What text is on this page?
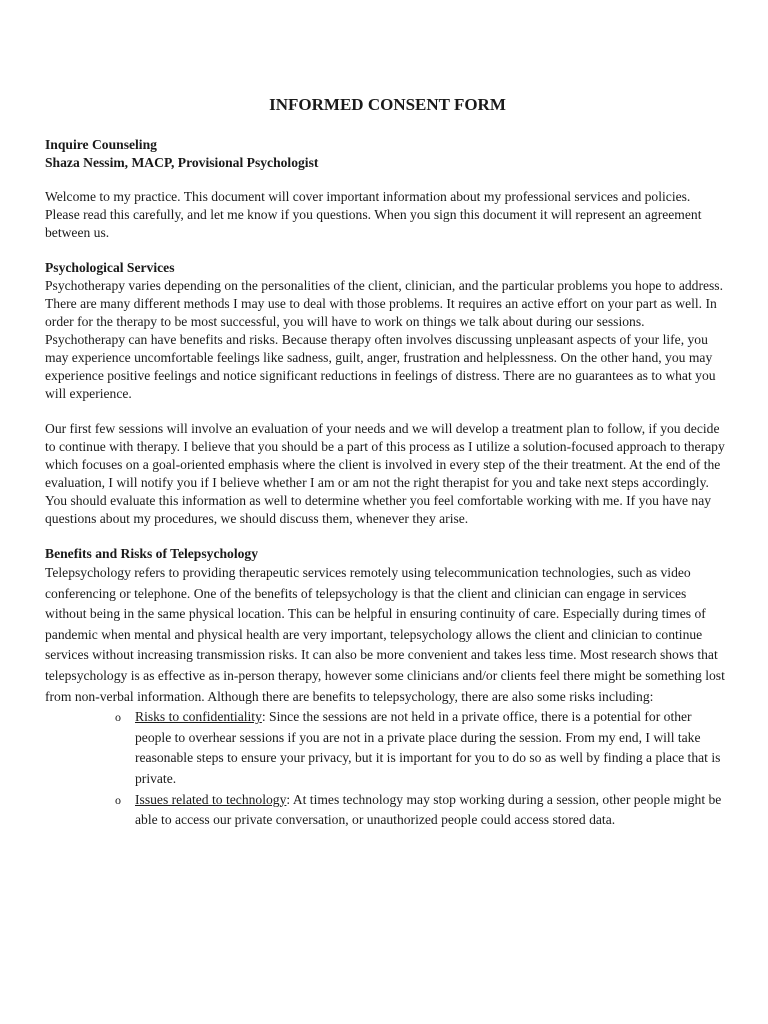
INFORMED CONSENT FORM
Inquire Counseling
Shaza Nessim, MACP, Provisional Psychologist

Welcome to my practice. This document will cover important information about my professional services and policies. Please read this carefully, and let me know if you questions. When you sign this document it will represent an agreement between us.

Psychological Services

Psychotherapy varies depending on the personalities of the client, clinician, and the particular problems you hope to address. There are many different methods I may use to deal with those problems. It requires an active effort on your part as well. In order for the therapy to be most successful, you will have to work on things we talk about during our sessions. Psychotherapy can have benefits and risks. Because therapy often involves discussing unpleasant aspects of your life, you may experience uncomfortable feelings like sadness, guilt, anger, frustration and helplessness. On the other hand, you may experience positive feelings and notice significant reductions in feelings of distress. There are no guarantees as to what you will experience.

Our first few sessions will involve an evaluation of your needs and we will develop a treatment plan to follow, if you decide to continue with therapy. I believe that you should be a part of this process as I utilize a solution-focused approach to therapy which focuses on a goal-oriented emphasis where the client is involved in every step of the their treatment. At the end of the evaluation, I will notify you if I believe whether I am or am not the right therapist for you and take next steps accordingly. You should evaluate this information as well to determine whether you feel comfortable working with me. If you have nay questions about my procedures, we should discuss them, whenever they arise.

Benefits and Risks of Telepsychology
Telepsychology refers to providing therapeutic services remotely using telecommunication technologies, such as video conferencing or telephone. One of the benefits of telepsychology is that the client and clinician can engage in services without being in the same physical location. This can be helpful in ensuring continuity of care. Especially during times of pandemic when mental and physical health are very important, telepsychology allows the client and clinician to continue services without increasing transmission risks. It can also be more convenient and takes less time. Most research shows that telepsychology is as effective as in-person therapy, however some clinicians and/or clients feel there might be something lost from non-verbal information. Although there are benefits to telepsychology, there are also some risks including:
o Risks to confidentiality: Since the sessions are not held in a private office, there is a potential for other people to overhear sessions if you are not in a private place during the session. From my end, I will take reasonable steps to ensure your privacy, but it is important for you to do so as well by finding a place that is private.
o Issues related to technology: At times technology may stop working during a session, other people might be able to access our private conversation, or unauthorized people could access stored data.
